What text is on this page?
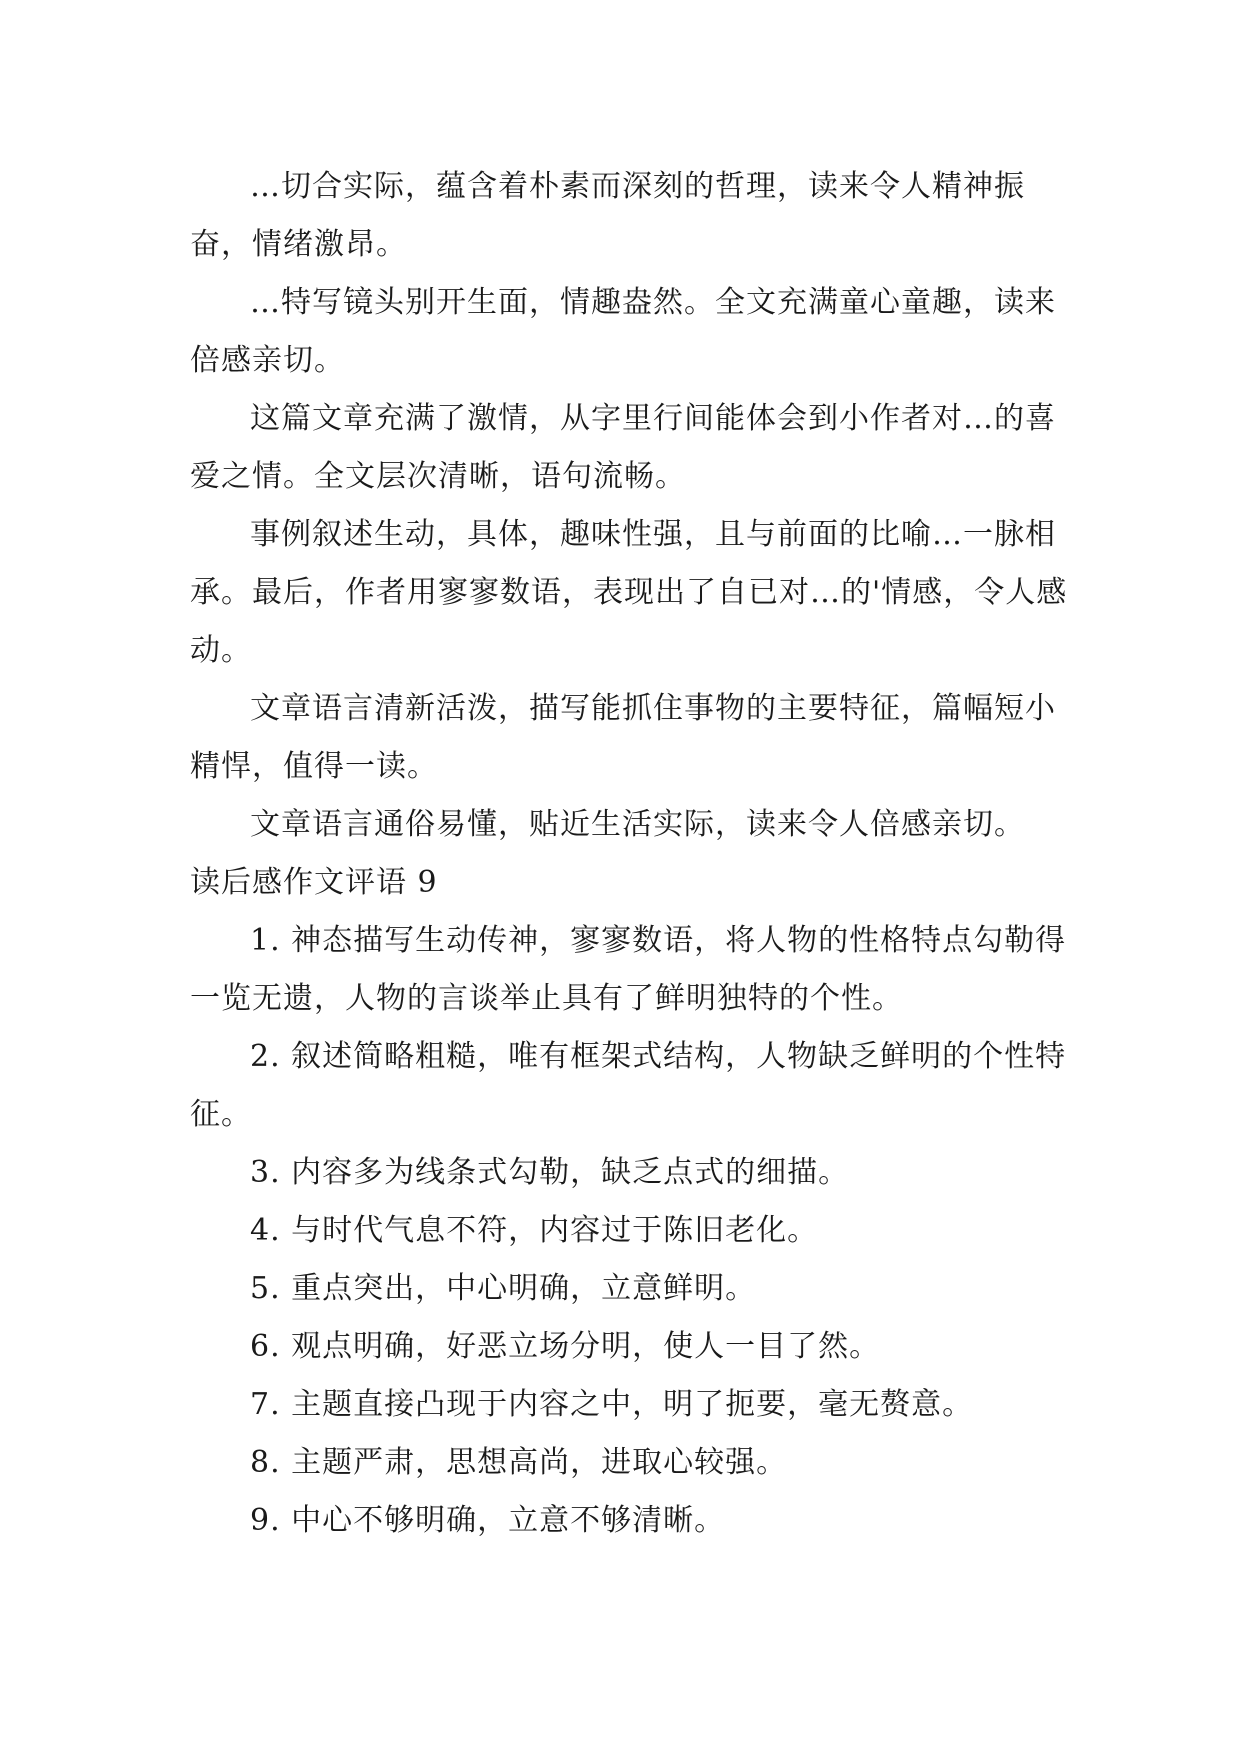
…切合实际，蕴含着朴素而深刻的哲理，读来令人精神振奋，情绪激昂。

…特写镜头别开生面，情趣盎然。全文充满童心童趣，读来倍感亲切。

这篇文章充满了激情，从字里行间能体会到小作者对…的喜爱之情。全文层次清晰，语句流畅。

事例叙述生动，具体，趣味性强，且与前面的比喻…一脉相承。最后，作者用寥寥数语，表现出了自已对…的'情感，令人感动。

文章语言清新活泼，描写能抓住事物的主要特征，篇幅短小精悍，值得一读。

文章语言通俗易懂，贴近生活实际，读来令人倍感亲切。

读后感作文评语 9

1. 神态描写生动传神，寥寥数语，将人物的性格特点勾勒得一览无遗，人物的言谈举止具有了鲜明独特的个性。

2. 叙述简略粗糙，唯有框架式结构，人物缺乏鲜明的个性特征。

3. 内容多为线条式勾勒，缺乏点式的细描。

4. 与时代气息不符，内容过于陈旧老化。

5. 重点突出，中心明确，立意鲜明。

6. 观点明确，好恶立场分明，使人一目了然。

7. 主题直接凸现于内容之中，明了扼要，毫无赘意。

8. 主题严肃，思想高尚，进取心较强。

9. 中心不够明确，立意不够清晰。
